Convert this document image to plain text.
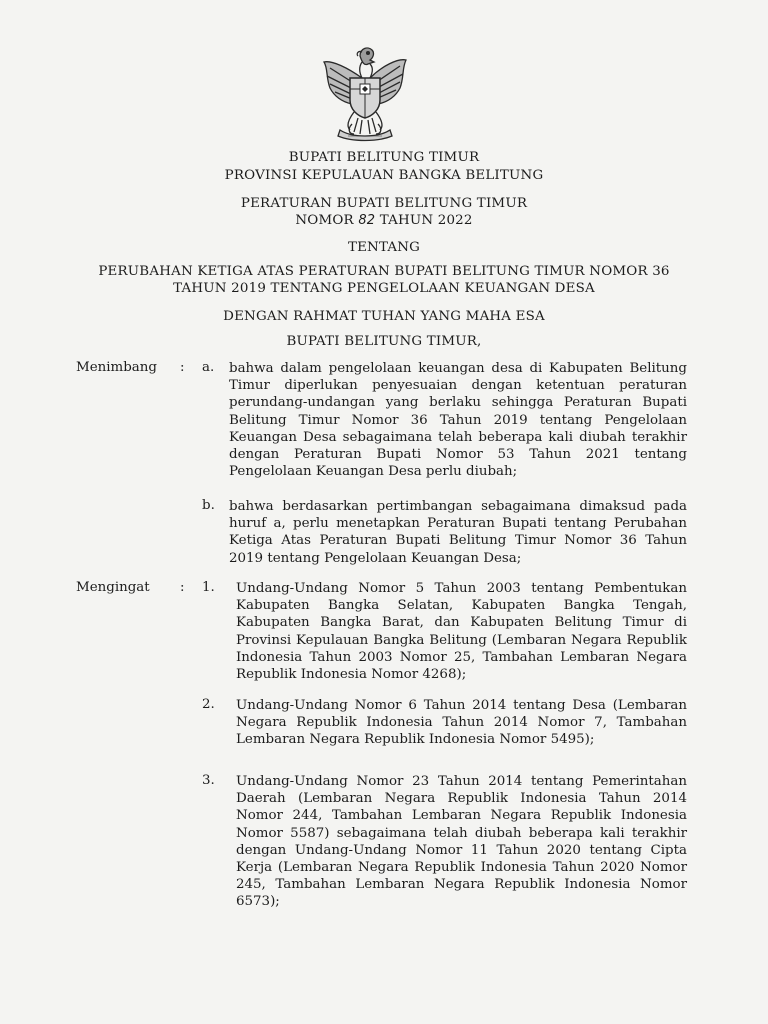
BUPATI BELITUNG TIMUR
PROVINSI KEPULAUAN BANGKA BELITUNG
PERATURAN BUPATI BELITUNG TIMUR
NOMOR 82 TAHUN 2022
TENTANG
PERUBAHAN KETIGA ATAS PERATURAN BUPATI BELITUNG TIMUR NOMOR 36
TAHUN 2019 TENTANG PENGELOLAAN KEUANGAN DESA
DENGAN RAHMAT TUHAN YANG MAHA ESA
BUPATI BELITUNG TIMUR,
Menimbang : a. bahwa dalam pengelolaan keuangan desa di Kabupaten Belitung Timur diperlukan penyesuaian dengan ketentuan peraturan perundang-undangan yang berlaku sehingga Peraturan Bupati Belitung Timur Nomor 36 Tahun 2019 tentang Pengelolaan Keuangan Desa sebagaimana telah beberapa kali diubah terakhir dengan Peraturan Bupati Nomor 53 Tahun 2021 tentang Pengelolaan Keuangan Desa perlu diubah;
b. bahwa berdasarkan pertimbangan sebagaimana dimaksud pada huruf a, perlu menetapkan Peraturan Bupati tentang Perubahan Ketiga Atas Peraturan Bupati Belitung Timur Nomor 36 Tahun 2019 tentang Pengelolaan Keuangan Desa;
Mengingat : 1. Undang-Undang Nomor 5 Tahun 2003 tentang Pembentukan Kabupaten Bangka Selatan, Kabupaten Bangka Tengah, Kabupaten Bangka Barat, dan Kabupaten Belitung Timur di Provinsi Kepulauan Bangka Belitung (Lembaran Negara Republik Indonesia Tahun 2003 Nomor 25, Tambahan Lembaran Negara Republik Indonesia Nomor 4268);
2. Undang-Undang Nomor 6 Tahun 2014 tentang Desa (Lembaran Negara Republik Indonesia Tahun 2014 Nomor 7, Tambahan Lembaran Negara Republik Indonesia Nomor 5495);
3. Undang-Undang Nomor 23 Tahun 2014 tentang Pemerintahan Daerah (Lembaran Negara Republik Indonesia Tahun 2014 Nomor 244, Tambahan Lembaran Negara Republik Indonesia Nomor 5587) sebagaimana telah diubah beberapa kali terakhir dengan Undang-Undang Nomor 11 Tahun 2020 tentang Cipta Kerja (Lembaran Negara Republik Indonesia Tahun 2020 Nomor 245, Tambahan Lembaran Negara Republik Indonesia Nomor 6573);
